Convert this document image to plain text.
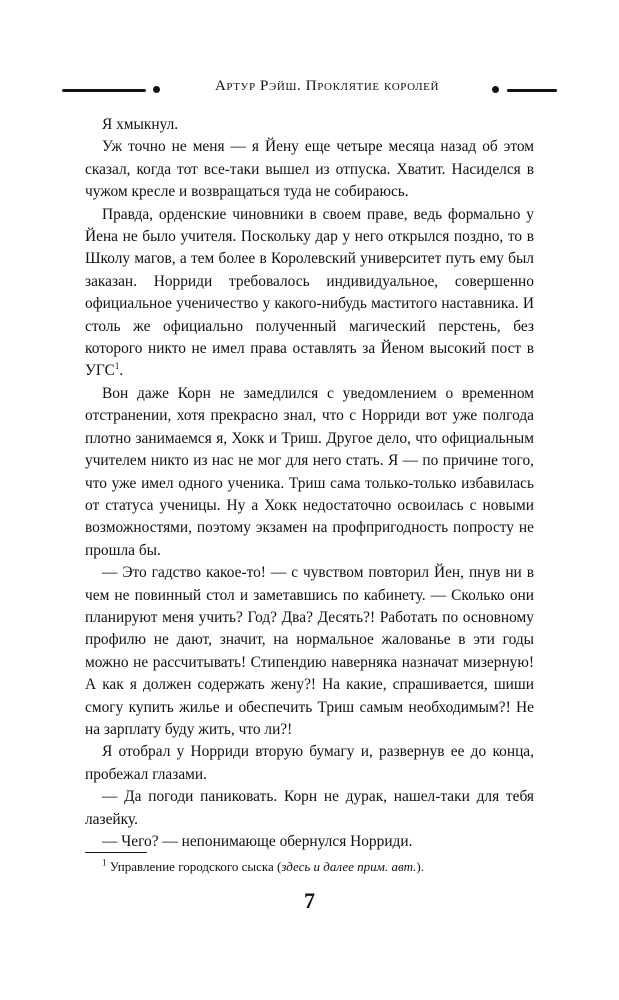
Артур Рэйш. Проклятие королей

Я хмыкнул.

Уж точно не меня — я Йену еще четыре месяца назад об этом сказал, когда тот все-таки вышел из отпуска. Хватит. Насиделся в чужом кресле и возвращаться туда не собираюсь.

Правда, орденские чиновники в своем праве, ведь формально у Йена не было учителя. Поскольку дар у него открылся поздно, то в Школу магов, а тем более в Королевский университет путь ему был заказан. Норриди требовалось индивидуальное, совершенно официальное ученичество у какого-нибудь маститого наставника. И столь же официально полученный магический перстень, без которого никто не имел права оставлять за Йеном высокий пост в УГС$^1$.

Вон даже Корн не замедлился с уведомлением о временном отстранении, хотя прекрасно знал, что с Норриди вот уже полгода плотно занимаемся я, Хокк и Триш. Другое дело, что официальным учителем никто из нас не мог для него стать. Я — по причине того, что уже имел одного ученика. Триш сама только-только избавилась от статуса ученицы. Ну а Хокк недостаточно освоилась с новыми возможностями, поэтому экзамен на профпригодность попросту не прошла бы.

— Это гадство какое-то! — с чувством повторил Йен, пнув ни в чем не повинный стол и заметавшись по кабинету. — Сколько они планируют меня учить? Год? Два? Десять?! Работать по основному профилю не дают, значит, на нормальное жалованье в эти годы можно не рассчитывать! Стипендию наверняка назначат мизерную! А как я должен содержать жену?! На какие, спрашивается, шиши смогу купить жилье и обеспечить Триш самым необходимым?! Не на зарплату буду жить, что ли?!

Я отобрал у Норриди вторую бумагу и, развернув ее до конца, пробежал глазами.

— Да погоди паниковать. Корн не дурак, нашел-таки для тебя лазейку.

— Чего? — непонимающе обернулся Норриди.

$^1$ Управление городского сыска (здесь и далее прим. авт.).
7
